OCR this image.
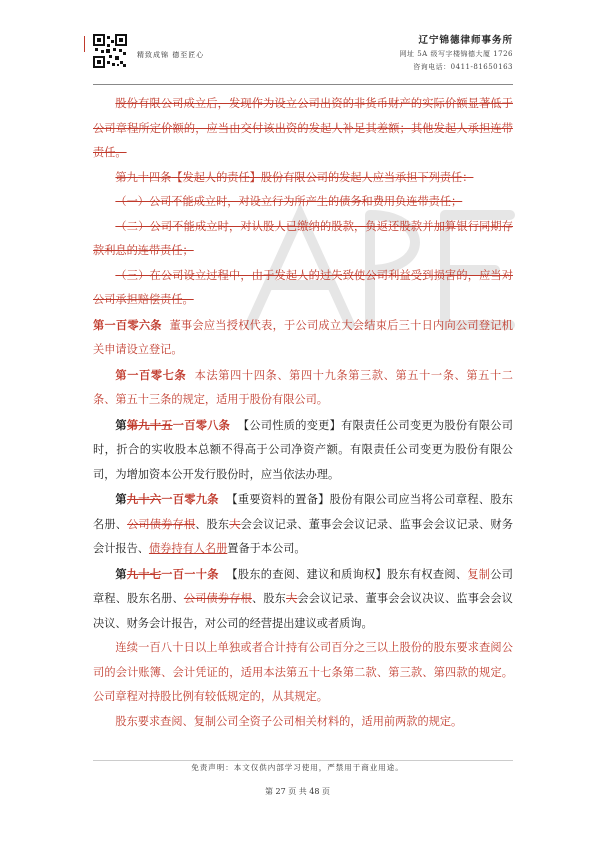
精致成锦 德至匠心
辽宁锦德律师事务所
网址 5A 级写字楼锦德大厦 1726
咨询电话：0411-81650163

股份有限公司成立后，发现作为设立公司出资的非货币财产的实际价额显著低于公司章程所定价额的，应当由交付该出资的发起人补足其差额；其他发起人承担连带责任。

第九十四条【发起人的责任】股份有限公司的发起人应当承担下列责任：

（一）公司不能成立时，对设立行为所产生的债务和费用负连带责任；

（二）公司不能成立时，对认股人已缴纳的股款，负返还股款并加算银行同期存款利息的连带责任；

（三）在公司设立过程中，由于发起人的过失致使公司利益受到损害的，应当对公司承担赔偿责任。

第一百零六条 董事会应当授权代表，于公司成立大会结束后三十日内向公司登记机关申请设立登记。

第一百零七条 本法第四十四条、第四十九条第三款、第五十一条、第五十二条、第五十三条的规定，适用于股份有限公司。

第第九十五一百零八条 【公司性质的变更】有限责任公司变更为股份有限公司时，折合的实收股本总额不得高于公司净资产额。有限责任公司变更为股份有限公司，为增加资本公开发行股份时，应当依法办理。

第九十六一百零九条 【重要资料的置备】股份有限公司应当将公司章程、股东名册、公司债券存根、股东大会会议记录、董事会会议记录、监事会会议记录、财务会计报告、债券持有人名册置备于本公司。

第九十七一百一十条 【股东的查阅、建议和质询权】股东有权查阅、复制公司章程、股东名册、公司债券存根、股东大会会议记录、董事会会议决议、监事会会议决议、财务会计报告，对公司的经营提出建议或者质询。

连续一百八十日以上单独或者合计持有公司百分之三以上股份的股东要求查阅公司的会计账簿、会计凭证的，适用本法第五十七条第二款、第三款、第四款的规定。公司章程对持股比例有较低规定的，从其规定。

股东要求查阅、复制公司全资子公司相关材料的，适用前两款的规定。

免责声明：本文仅供内部学习使用，严禁用于商业用途。
第 27 页 共 48 页
